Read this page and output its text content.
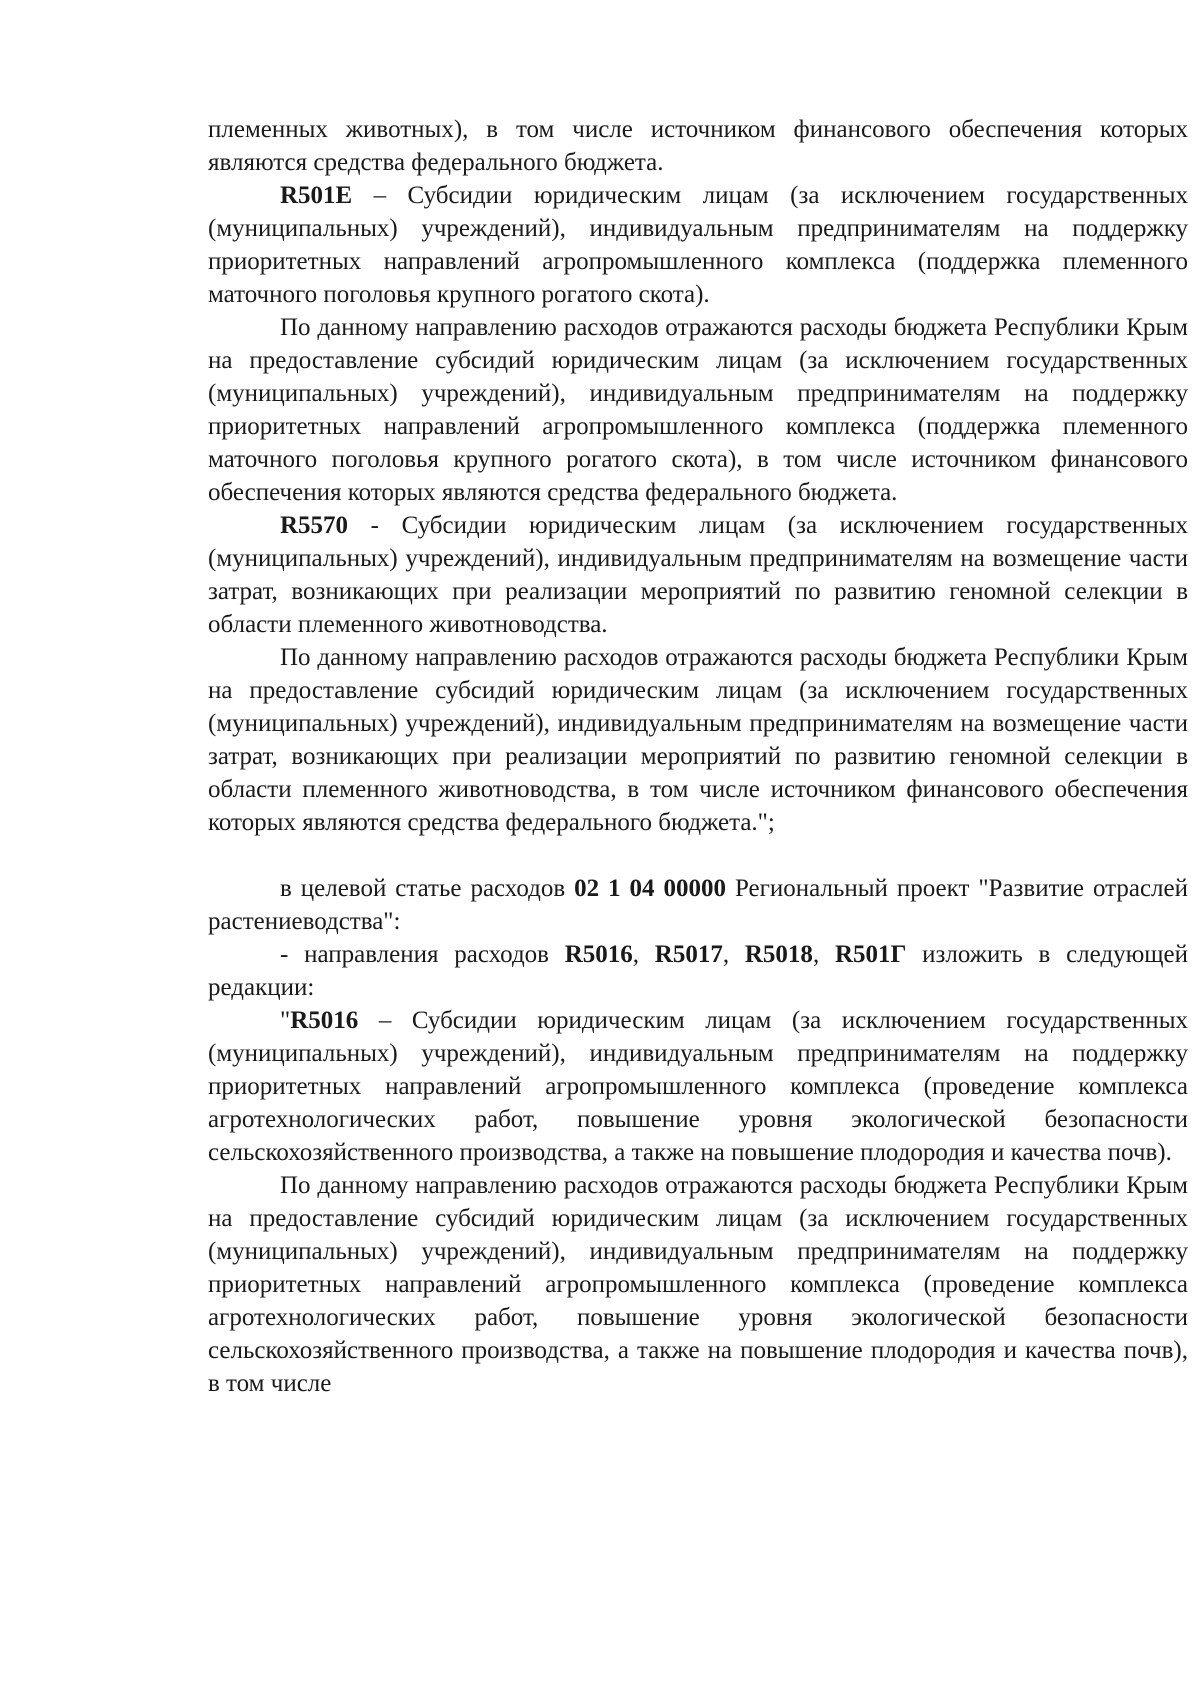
племенных животных), в том числе источником финансового обеспечения которых являются средства федерального бюджета.

R501E – Субсидии юридическим лицам (за исключением государственных (муниципальных) учреждений), индивидуальным предпринимателям на поддержку приоритетных направлений агропромышленного комплекса (поддержка племенного маточного поголовья крупного рогатого скота).

По данному направлению расходов отражаются расходы бюджета Республики Крым на предоставление субсидий юридическим лицам (за исключением государственных (муниципальных) учреждений), индивидуальным предпринимателям на поддержку приоритетных направлений агропромышленного комплекса (поддержка племенного маточного поголовья крупного рогатого скота), в том числе источником финансового обеспечения которых являются средства федерального бюджета.

R5570 - Субсидии юридическим лицам (за исключением государственных (муниципальных) учреждений), индивидуальным предпринимателям на возмещение части затрат, возникающих при реализации мероприятий по развитию геномной селекции в области племенного животноводства.

По данному направлению расходов отражаются расходы бюджета Республики Крым на предоставление субсидий юридическим лицам (за исключением государственных (муниципальных) учреждений), индивидуальным предпринимателям на возмещение части затрат, возникающих при реализации мероприятий по развитию геномной селекции в области племенного животноводства, в том числе источником финансового обеспечения которых являются средства федерального бюджета.";

в целевой статье расходов 02 1 04 00000 Региональный проект "Развитие отраслей растениеводства":

- направления расходов R5016, R5017, R5018, R501Г изложить в следующей редакции:

"R5016 – Субсидии юридическим лицам (за исключением государственных (муниципальных) учреждений), индивидуальным предпринимателям на поддержку приоритетных направлений агропромышленного комплекса (проведение комплекса агротехнологических работ, повышение уровня экологической безопасности сельскохозяйственного производства, а также на повышение плодородия и качества почв).

По данному направлению расходов отражаются расходы бюджета Республики Крым на предоставление субсидий юридическим лицам (за исключением государственных (муниципальных) учреждений), индивидуальным предпринимателям на поддержку приоритетных направлений агропромышленного комплекса (проведение комплекса агротехнологических работ, повышение уровня экологической безопасности сельскохозяйственного производства, а также на повышение плодородия и качества почв), в том числе
